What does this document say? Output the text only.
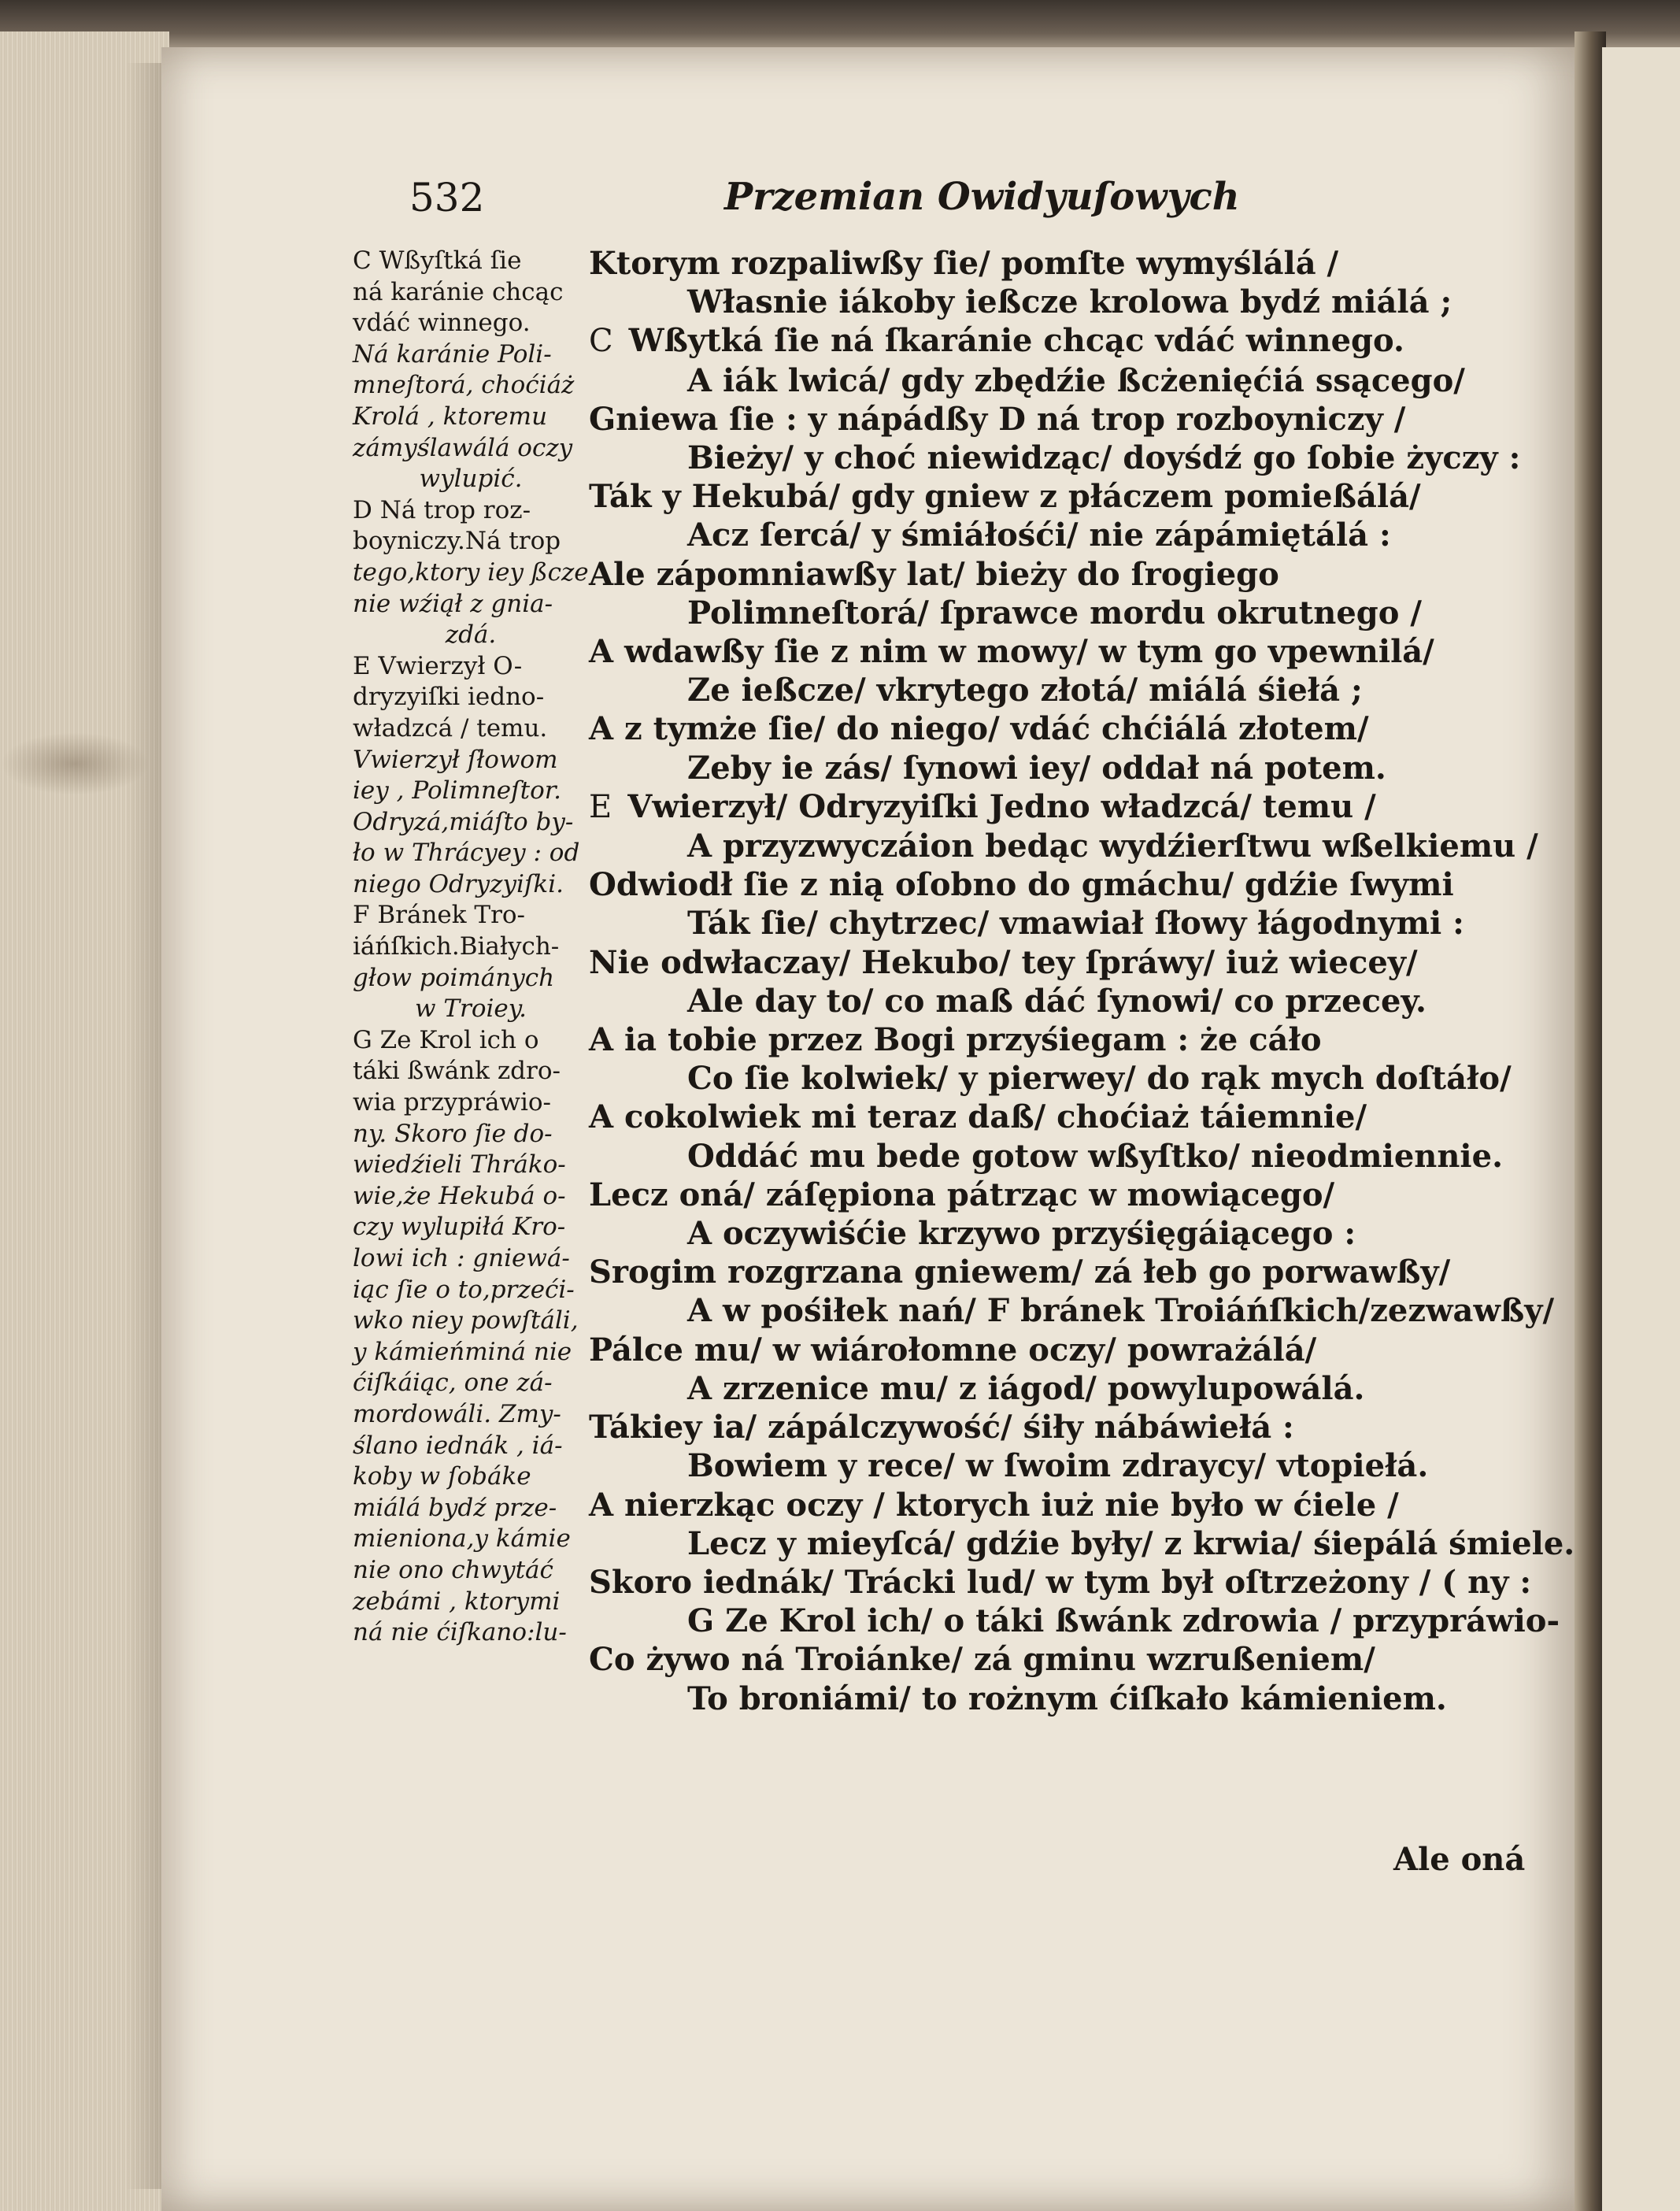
532	Przemian Owidyuſowych
C Wßyſtká ſie
ná karánie chcąc
vdáć winnego.
Ná karánie Poli-
mneſtorá, choćiáż
Krolá , ktoremu
zámyślawálá oczy
wylupić.
D Ná trop roz-
boyniczy.Ná trop
tego,ktory iey ßcze
nie wźiął z gnia-
zdá.
E Vwierzył O-
dryzyiſki iedno-
władzcá / temu.
Vwierzył ſłowom
iey , Polimneſtor.
Odryzá,miáſto by-
ło w Thrácyey : od
niego Odryzyiſki.
F Bránek Tro-
iáńſkich.Białych-
głow poimánych
w Troiey.
G Ze Krol ich o
táki ßwánk zdro-
wia przypráwio-
ny. Skoro ſie do-
wiedźieli Thráko-
wie,że Hekubá o-
czy wylupiłá Kro-
lowi ich : gniewá-
iąc ſie o to,przeći-
wko niey powſtáli,
y kámieńminá nie
ćiſkáiąc, one zá-
mordowáli. Zmy-
ślano iednák , iá-
koby w ſobáke
miálá bydź prze-
mieniona,y kámie
nie ono chwytáć
zebámi , ktorymi
ná nie ćiſkano:lu-
Ktorym rozpaliwßy ſie/ pomſte wymyślálá /
Własnie iákoby ießcze krolowa bydź miálá ;
C Wßytká ſie ná ſkaránie chcąc vdáć winnego.
A iák lwicá/ gdy zbędźie ßcżenięćiá ssącego/
Gniewa ſie : y nápádßy D ná trop rozboyniczy /
Bieży/ y choć niewidząc/ doyśdź go ſobie życzy :
Ták y Hekubá/ gdy gniew z płáczem pomießálá/
Acz ſercá/ y śmiáłośći/ nie zápámiętálá :
Ale zápomniawßy lat/ bieży do ſrogiego
Polimneſtorá/ ſprawce mordu okrutnego /
A wdawßy ſie z nim w mowy/ w tym go vpewnilá/
Ze ießcze/ vkrytego złotá/ miálá śiełá ;
A z tymże ſie/ do niego/ vdáć chćiálá złotem/
Zeby ie zás/ ſynowi iey/ oddał ná potem.
E Vwierzył/ Odryzyiſki Jedno władzcá/ temu /
A przyzwyczáion bedąc wydźierſtwu wßelkiemu /
Odwiodł ſie z nią oſobno do gmáchu/ gdźie ſwymi
Ták ſie/ chytrzec/ vmawiał ſłowy łágodnymi :
Nie odwłaczay/ Hekubo/ tey ſpráwy/ iuż wiecey/
Ale day to/ co maß dáć ſynowi/ co przecey.
A ia tobie przez Bogi przyśiegam : że cáło
Co ſie kolwiek/ y pierwey/ do rąk mych doſtáło/
A cokolwiek mi teraz daß/ choćiaż táiemnie/
Oddáć mu bede gotow wßyſtko/ nieodmiennie.
Lecz oná/ záſępiona pátrząc w mowiącego/
A oczywiśćie krzywo przyśięgáiącego :
Srogim rozgrzana gniewem/ zá łeb go porwawßy/
A w pośiłek nań/ F bránek Troiáńſkich/zezwawßy/
Pálce mu/ w wiárołomne oczy/ powrażálá/
A zrzenice mu/ z iágod/ powylupowálá.
Tákiey ia/ zápálczywość/ śiły nábáwiełá :
Bowiem y rece/ w ſwoim zdraycy/ vtopiełá.
A nierzkąc oczy / ktorych iuż nie było w ćiele /
Lecz y mieyſcá/ gdźie były/ z krwia/ śiepálá śmiele.
Skoro iednák/ Trácki lud/ w tym był oſtrzeżony / ( ny :
G Ze Krol ich/ o táki ßwánk zdrowia / przypráwio-
Co żywo ná Troiánke/ zá gminu wzrußeniem/
To broniámi/ to rożnym ćiſkało kámieniem.
Ale oná
